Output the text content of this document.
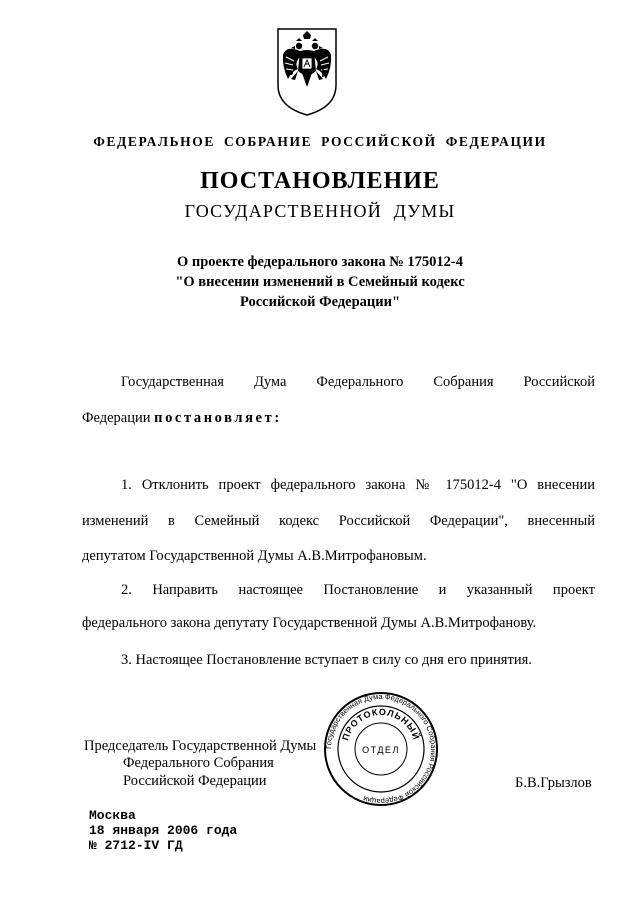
ФЕДЕРАЛЬНОЕ СОБРАНИЕ РОССИЙСКОЙ ФЕДЕРАЦИИ
ПОСТАНОВЛЕНИЕ
ГОСУДАРСТВЕННОЙ ДУМЫ
О проекте федерального закона № 175012-4
"О внесении изменений в Семейный кодекс
Российской Федерации"
Государственная Дума Федерального Собрания Российской
Федерации постановляет:
1. Отклонить проект федерального закона № 175012-4 "О внесении
изменений в Семейный кодекс Российской Федерации", внесенный
депутатом Государственной Думы А.В.Митрофановым.
2. Направить настоящее Постановление и указанный проект
федерального закона депутату Государственной Думы А.В.Митрофанову.
3. Настоящее Постановление вступает в силу со дня его принятия.
Председатель Государственной Думы
Федерального Собрания
Российской Федерации	Б.В.Грызлов
Государственная Дума Федерального Собрания Российской Федерации
ПРОТОКОЛЬНЫЙ
ОТДЕЛ
Москва
18 января 2006 года
№ 2712-IV ГД
